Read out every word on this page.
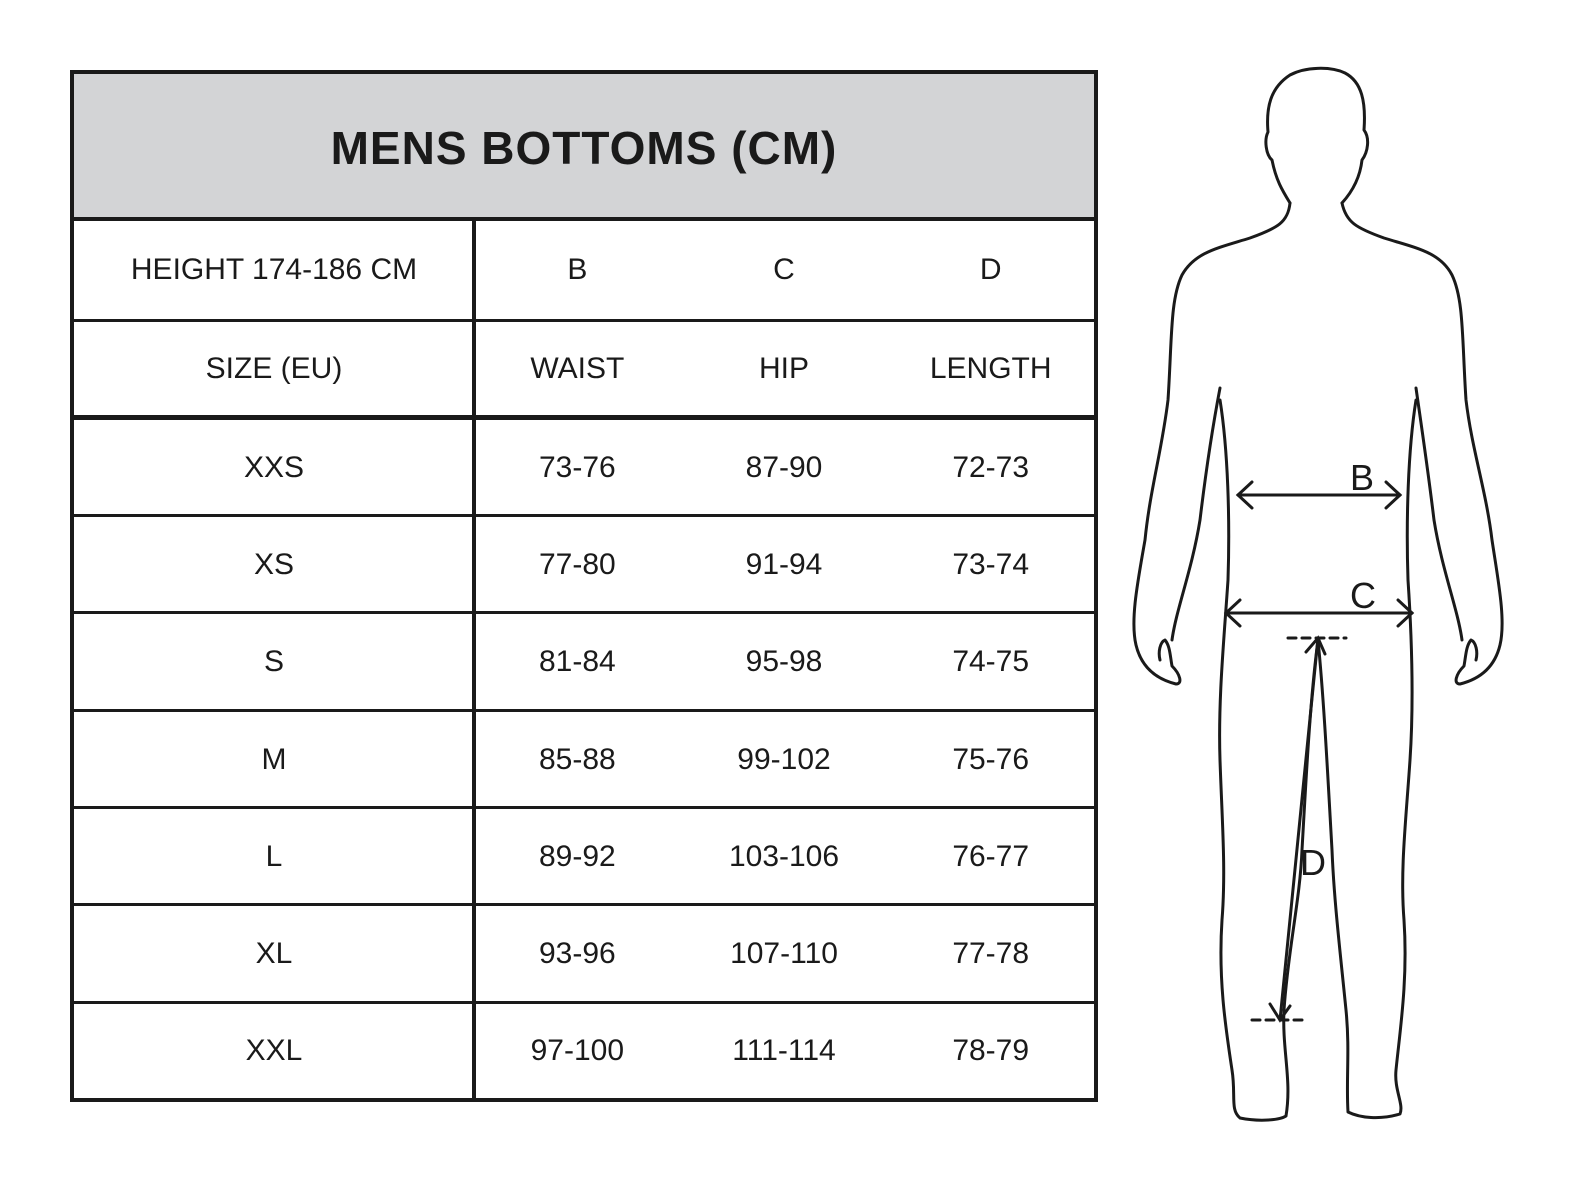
MENS BOTTOMS (CM)
HEIGHT 174-186 CM	B	C	D
SIZE (EU)	WAIST	HIP	LENGTH
XXS	73-76	87-90	72-73
XS	77-80	91-94	73-74
S	81-84	95-98	74-75
M	85-88	99-102	75-76
L	89-92	103-106	76-77
XL	93-96	107-110	77-78
XXL	97-100	111-114	78-79
B
C
D
